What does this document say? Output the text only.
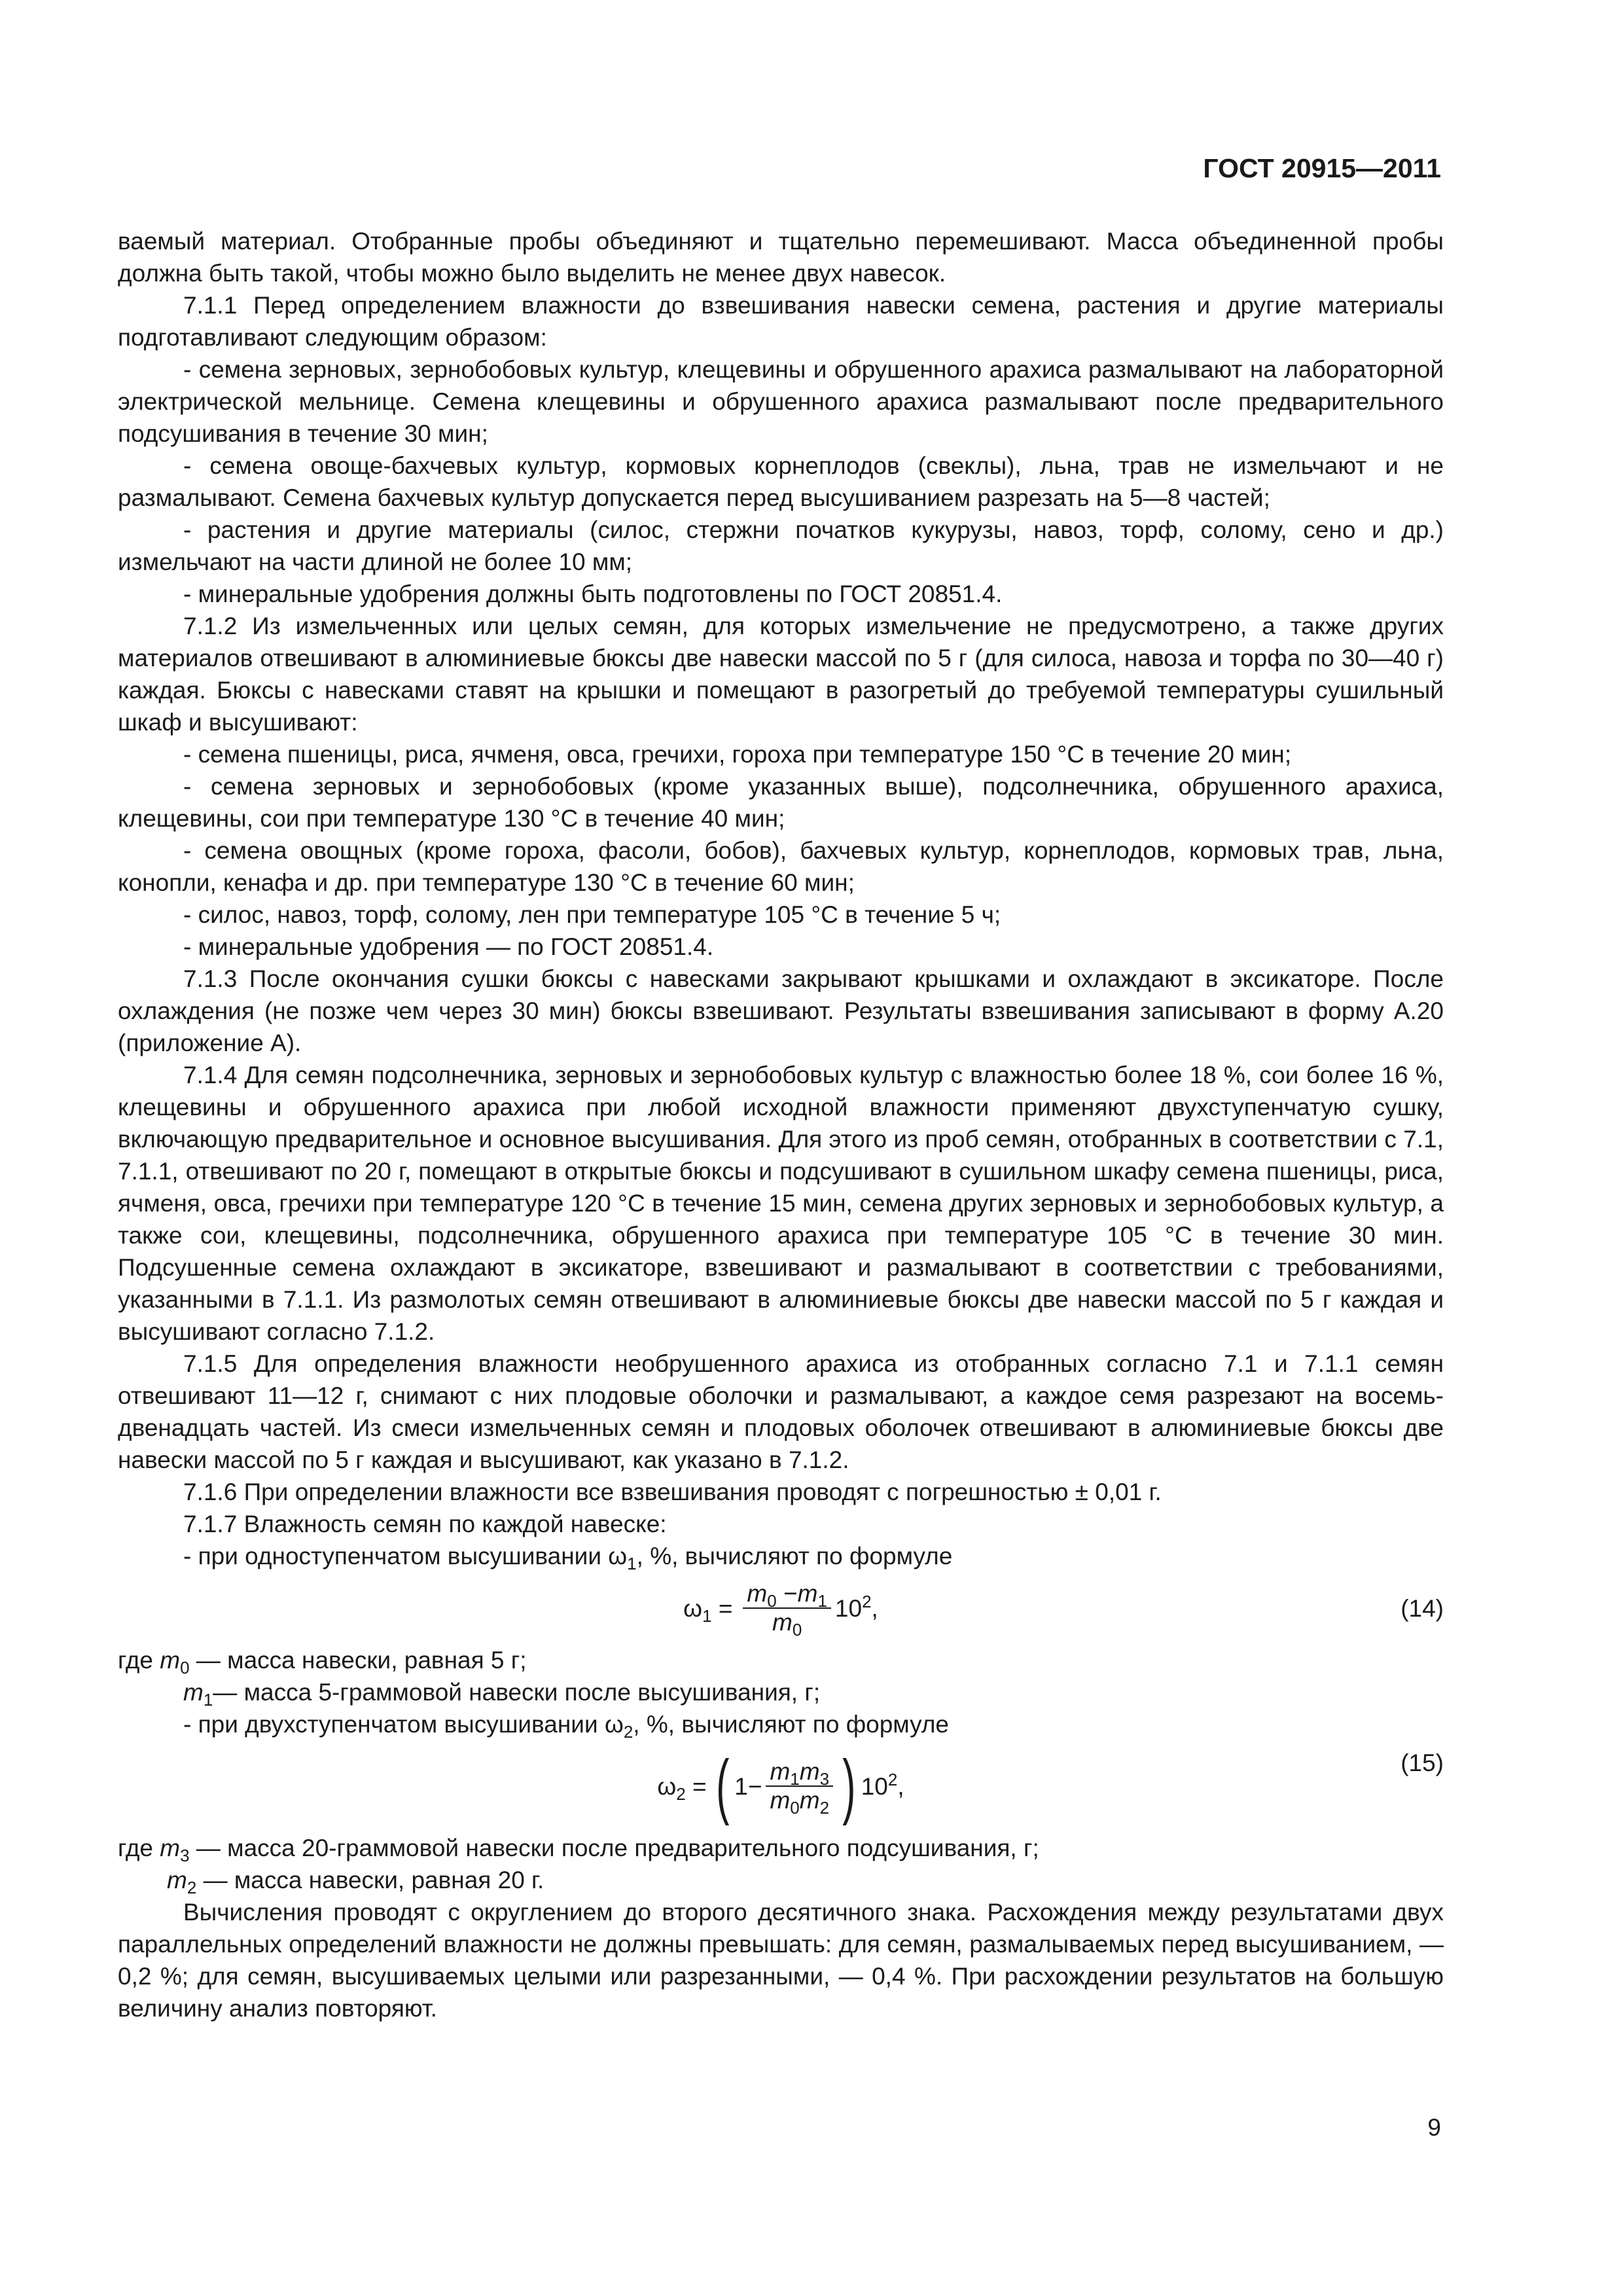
ГОСТ 20915—2011

ваемый материал. Отобранные пробы объединяют и тщательно перемешивают. Масса объединенной пробы должна быть такой, чтобы можно было выделить не менее двух навесок.

7.1.1 Перед определением влажности до взвешивания навески семена, растения и другие материалы подготавливают следующим образом:

- семена зерновых, зернобобовых культур, клещевины и обрушенного арахиса размалывают на лабораторной электрической мельнице. Семена клещевины и обрушенного арахиса размалывают после предварительного подсушивания в течение 30 мин;

- семена овоще-бахчевых культур, кормовых корнеплодов (свеклы), льна, трав не измельчают и не размалывают. Семена бахчевых культур допускается перед высушиванием разрезать на 5—8 частей;

- растения и другие материалы (силос, стержни початков кукурузы, навоз, торф, солому, сено и др.) измельчают на части длиной не более 10 мм;

- минеральные удобрения должны быть подготовлены по ГОСТ 20851.4.

7.1.2 Из измельченных или целых семян, для которых измельчение не предусмотрено, а также других материалов отвешивают в алюминиевые бюксы две навески массой по 5 г (для силоса, навоза и торфа по 30—40 г) каждая. Бюксы с навесками ставят на крышки и помещают в разогретый до требуемой температуры сушильный шкаф и высушивают:

- семена пшеницы, риса, ячменя, овса, гречихи, гороха при температуре 150 °С в течение 20 мин;

- семена зерновых и зернобобовых (кроме указанных выше), подсолнечника, обрушенного арахиса, клещевины, сои при температуре 130 °С в течение 40 мин;

- семена овощных (кроме гороха, фасоли, бобов), бахчевых культур, корнеплодов, кормовых трав, льна, конопли, кенафа и др. при температуре 130 °С в течение 60 мин;

- силос, навоз, торф, солому, лен при температуре 105 °С в течение 5 ч;

- минеральные удобрения — по ГОСТ 20851.4.

7.1.3 После окончания сушки бюксы с навесками закрывают крышками и охлаждают в эксикаторе. После охлаждения (не позже чем через 30 мин) бюксы взвешивают. Результаты взвешивания записывают в форму А.20 (приложение А).

7.1.4 Для семян подсолнечника, зерновых и зернобобовых культур с влажностью более 18 %, сои более 16 %, клещевины и обрушенного арахиса при любой исходной влажности применяют двухступенчатую сушку, включающую предварительное и основное высушивания. Для этого из проб семян, отобранных в соответствии с 7.1, 7.1.1, отвешивают по 20 г, помещают в открытые бюксы и подсушивают в сушильном шкафу семена пшеницы, риса, ячменя, овса, гречихи при температуре 120 °С в течение 15 мин, семена других зерновых и зернобобовых культур, а также сои, клещевины, подсолнечника, обрушенного арахиса при температуре 105 °С в течение 30 мин. Подсушенные семена охлаждают в эксикаторе, взвешивают и размалывают в соответствии с требованиями, указанными в 7.1.1. Из размолотых семян отвешивают в алюминиевые бюксы две навески массой по 5 г каждая и высушивают согласно 7.1.2.

7.1.5 Для определения влажности необрушенного арахиса из отобранных согласно 7.1 и 7.1.1 семян отвешивают 11—12 г, снимают с них плодовые оболочки и размалывают, а каждое семя разрезают на восемь-двенадцать частей. Из смеси измельченных семян и плодовых оболочек отвешивают в алюминиевые бюксы две навески массой по 5 г каждая и высушивают, как указано в 7.1.2.

7.1.6 При определении влажности все взвешивания проводят с погрешностью ± 0,01 г.

7.1.7 Влажность семян по каждой навеске:

- при одноступенчатом высушивании $\omega_1$, %, вычисляют по формуле

$\omega_1 = \frac{m_0 -m_1}{m_0} 10^2$,	(14)

где $m_0$ — масса навески, равная 5 г;

$m_1—$ масса 5-граммовой навески после высушивания, г;

- при двухступенчатом высушивании $\omega_2$, %, вычисляют по формуле

$\omega_2$ = ( $1- \frac{m_1m_3}{m_0m_2}$ ) $10^2$,
(15)

где $m_3$ — масса 20-граммовой навески после предварительного подсушивания, г;

$m_2$ — масса навески, равная 20 г.

Вычисления проводят с округлением до второго десятичного знака. Расхождения между результатами двух параллельных определений влажности не должны превышать: для семян, размалываемых перед высушиванием, — 0,2 %; для семян, высушиваемых целыми или разрезанными, — 0,4 %. При расхождении результатов на большую величину анализ повторяют.

9
